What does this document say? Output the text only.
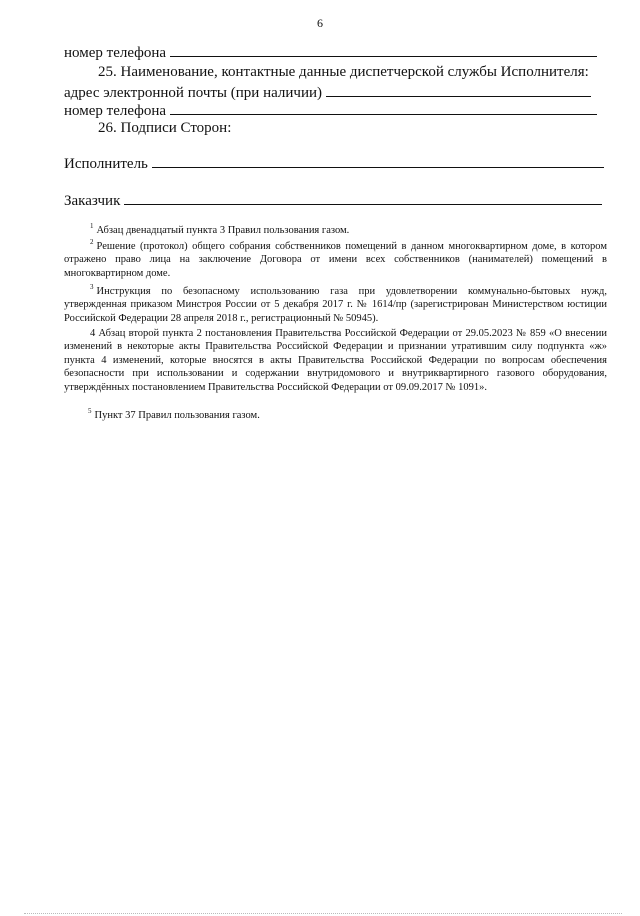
6
номер телефона
25. Наименование, контактные данные диспетчерской службы Исполнителя:
адрес электронной почты (при наличии)
номер телефона
26. Подписи Сторон:
Исполнитель
Заказчик

$^1$ Абзац двенадцатый пункта 3 Правил пользования газом.

$^2$ Решение (протокол) общего собрания собственников помещений в данном многоквартирном доме, в котором отражено право лица на заключение Договора от имени всех собственников (нанимателей) помещений в многоквартирном доме.

$^3$ Инструкция по безопасному использованию газа при удовлетворении коммунально-бытовых нужд, утвержденная приказом Минстроя России от 5 декабря 2017 г. № 1614/пр (зарегистрирован Министерством юстиции Российской Федерации 28 апреля 2018 г., регистрационный № 50945).

4 Абзац второй пункта 2 постановления Правительства Российской Федерации от 29.05.2023 № 859 «О внесении изменений в некоторые акты Правительства Российской Федерации и признании утратившим силу подпункта «ж» пункта 4 изменений, которые вносятся в акты Правительства Российской Федерации по вопросам обеспечения безопасности при использовании и содержании внутридомового и внутриквартирного газового оборудования, утверждённых постановлением Правительства Российской Федерации от 09.09.2017 № 1091».

$^5$ Пункт 37 Правил пользования газом.
